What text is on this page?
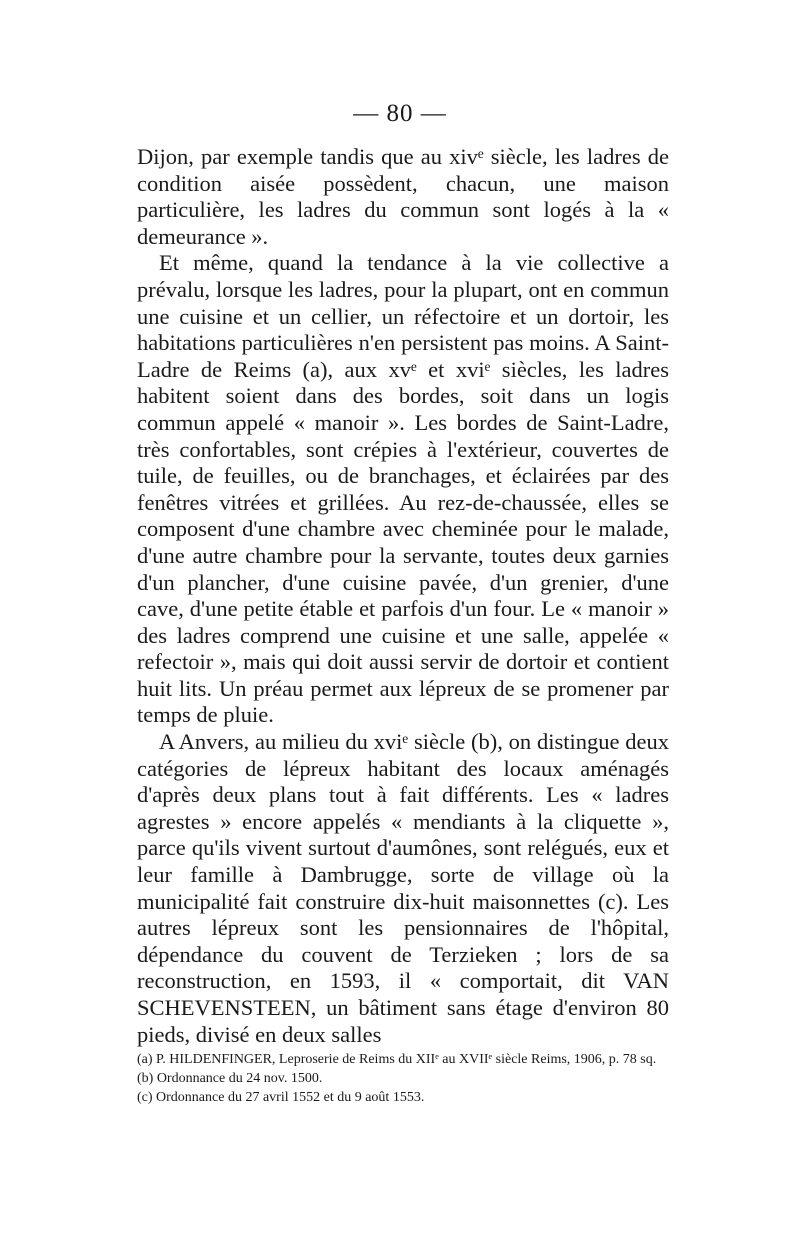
— 80 —

Dijon, par exemple tandis que au xivᵉ siècle, les ladres de condition aisée possèdent, chacun, une maison particulière, les ladres du commun sont logés à la « demeurance ».

Et même, quand la tendance à la vie collective a prévalu, lorsque les ladres, pour la plupart, ont en commun une cuisine et un cellier, un réfectoire et un dortoir, les habitations particulières n'en persistent pas moins. A Saint-Ladre de Reims (a), aux xvᵉ et xviᵉ siècles, les ladres habitent soient dans des bordes, soit dans un logis commun appelé « manoir ». Les bordes de Saint-Ladre, très confortables, sont crépies à l'extérieur, couvertes de tuile, de feuilles, ou de branchages, et éclairées par des fenêtres vitrées et grillées. Au rez-de-chaussée, elles se composent d'une chambre avec cheminée pour le malade, d'une autre chambre pour la servante, toutes deux garnies d'un plancher, d'une cuisine pavée, d'un grenier, d'une cave, d'une petite étable et parfois d'un four. Le « manoir » des ladres comprend une cuisine et une salle, appelée « refectoir », mais qui doit aussi servir de dortoir et contient huit lits. Un préau permet aux lépreux de se promener par temps de pluie.

A Anvers, au milieu du xviᵉ siècle (b), on distingue deux catégories de lépreux habitant des locaux aménagés d'après deux plans tout à fait différents. Les « ladres agrestes » encore appelés « mendiants à la cliquette », parce qu'ils vivent surtout d'aumônes, sont relégués, eux et leur famille à Dambrugge, sorte de village où la municipalité fait construire dix-huit maisonnettes (c). Les autres lépreux sont les pensionnaires de l'hôpital, dépendance du couvent de Terzieken ; lors de sa reconstruction, en 1593, il « comportait, dit VAN SCHEVENSTEEN, un bâtiment sans étage d'environ 80 pieds, divisé en deux salles

(a) P. HILDENFINGER, Leproserie de Reims du XIIᵉ au XVIIᵉ siècle Reims, 1906, p. 78 sq.

(b) Ordonnance du 24 nov. 1500.

(c) Ordonnance du 27 avril 1552 et du 9 août 1553.
